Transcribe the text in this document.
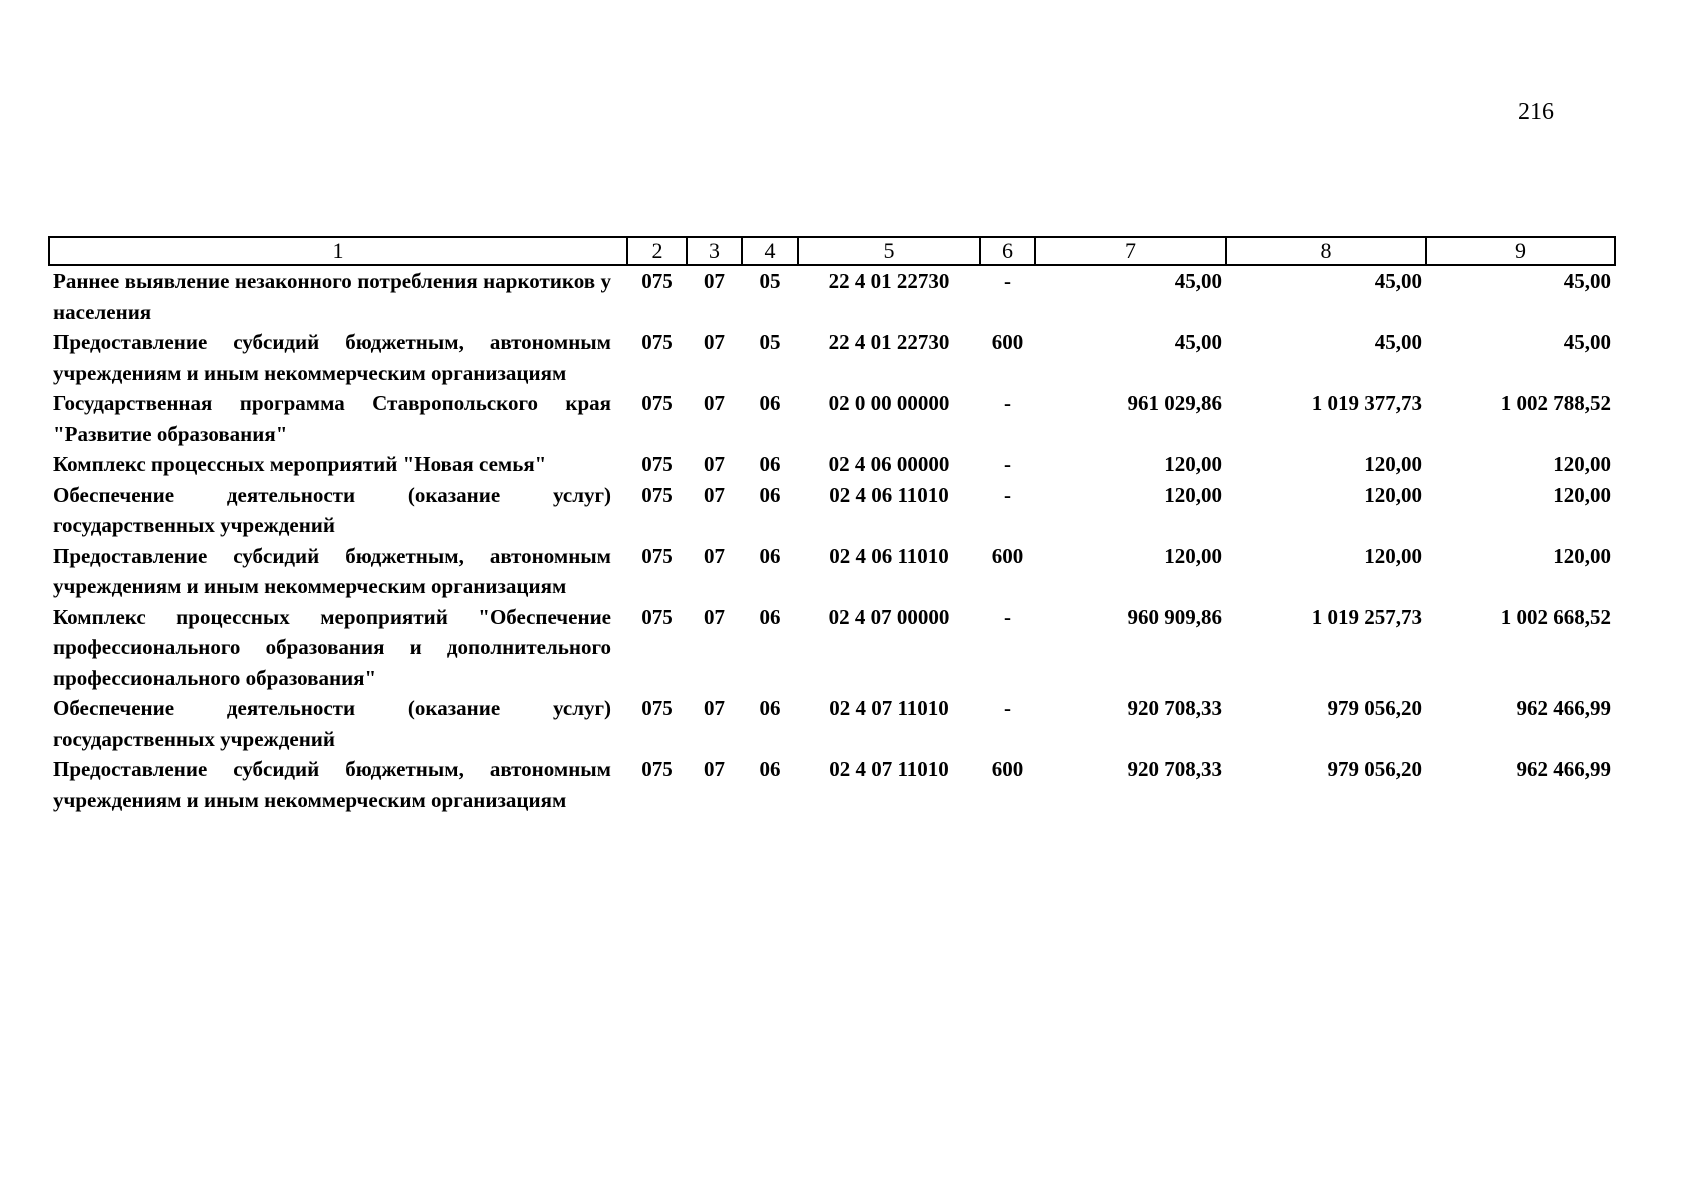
216
1	2	3	4	5	6	7	8	9
Раннее выявление незаконного потребления наркотиков у населения	075	07	05	22 4 01 22730	-	45,00	45,00	45,00
Предоставление субсидий бюджетным, автономным учреждениям и иным некоммерческим организациям	075	07	05	22 4 01 22730	600	45,00	45,00	45,00
Государственная программа Ставропольского края "Развитие образования"	075	07	06	02 0 00 00000	-	961 029,86	1 019 377,73	1 002 788,52
Комплекс процессных мероприятий "Новая семья"	075	07	06	02 4 06 00000	-	120,00	120,00	120,00
Обеспечение деятельности (оказание услуг) государственных учреждений	075	07	06	02 4 06 11010	-	120,00	120,00	120,00
Предоставление субсидий бюджетным, автономным учреждениям и иным некоммерческим организациям	075	07	06	02 4 06 11010	600	120,00	120,00	120,00
Комплекс процессных мероприятий "Обеспечение профессионального образования и дополнительного профессионального образования"	075	07	06	02 4 07 00000	-	960 909,86	1 019 257,73	1 002 668,52
Обеспечение деятельности (оказание услуг) государственных учреждений	075	07	06	02 4 07 11010	-	920 708,33	979 056,20	962 466,99
Предоставление субсидий бюджетным, автономным учреждениям и иным некоммерческим организациям	075	07	06	02 4 07 11010	600	920 708,33	979 056,20	962 466,99
